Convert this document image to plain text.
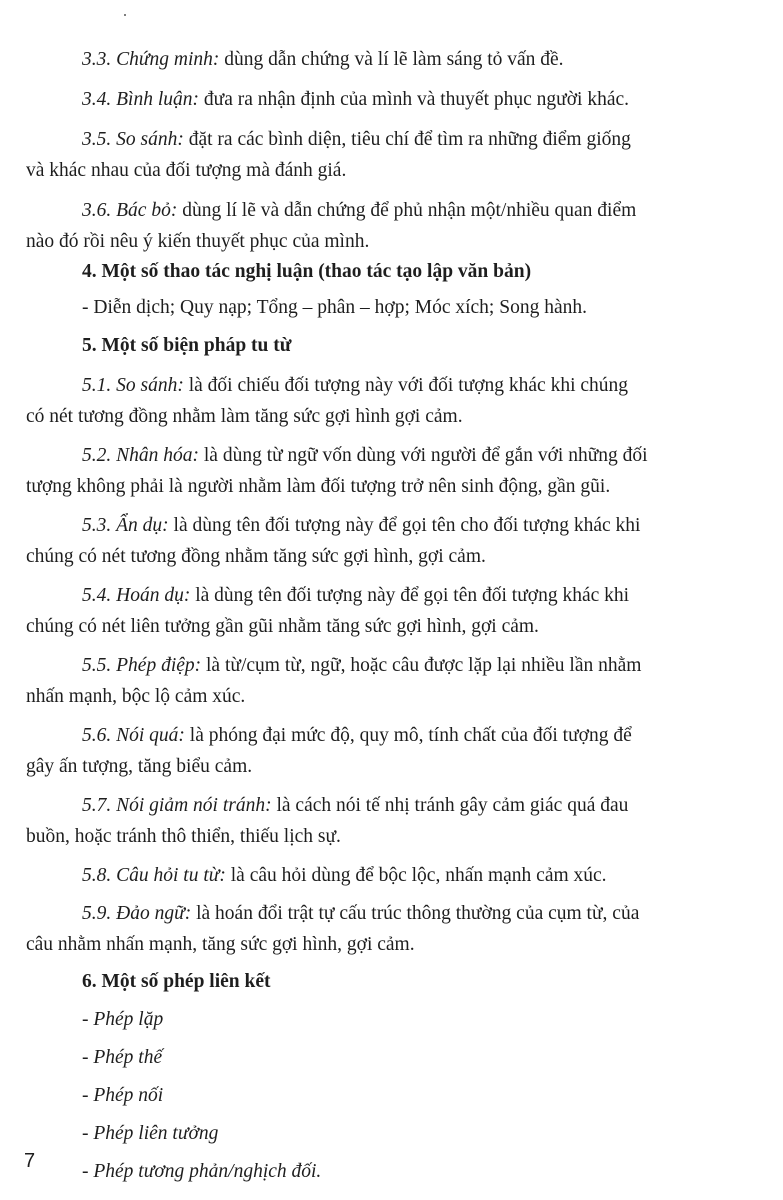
3.3. Chứng minh: dùng dẫn chứng và lí lẽ làm sáng tỏ vấn đề.

3.4. Bình luận: đưa ra nhận định của mình và thuyết phục người khác.

3.5. So sánh: đặt ra các bình diện, tiêu chí để tìm ra những điểm giống
và khác nhau của đối tượng mà đánh giá.

3.6. Bác bỏ: dùng lí lẽ và dẫn chứng để phủ nhận một/nhiều quan điểm
nào đó rồi nêu ý kiến thuyết phục của mình.

4. Một số thao tác nghị luận (thao tác tạo lập văn bản)

- Diễn dịch; Quy nạp; Tổng – phân – hợp; Móc xích; Song hành.

5. Một số biện pháp tu từ

5.1. So sánh: là đối chiếu đối tượng này với đối tượng khác khi chúng
có nét tương đồng nhằm làm tăng sức gợi hình gợi cảm.

5.2. Nhân hóa: là dùng từ ngữ vốn dùng với người để gắn với những đối
tượng không phải là người nhằm làm đối tượng trở nên sinh động, gần gũi.

5.3. Ẩn dụ: là dùng tên đối tượng này để gọi tên cho đối tượng khác khi
chúng có nét tương đồng nhằm tăng sức gợi hình, gợi cảm.

5.4. Hoán dụ: là dùng tên đối tượng này để gọi tên đối tượng khác khi
chúng có nét liên tưởng gần gũi nhằm tăng sức gợi hình, gợi cảm.

5.5. Phép điệp: là từ/cụm từ, ngữ, hoặc câu được lặp lại nhiều lần nhằm
nhấn mạnh, bộc lộ cảm xúc.

5.6. Nói quá: là phóng đại mức độ, quy mô, tính chất của đối tượng để
gây ấn tượng, tăng biểu cảm.

5.7. Nói giảm nói tránh: là cách nói tế nhị tránh gây cảm giác quá đau
buồn, hoặc tránh thô thiển, thiếu lịch sự.

5.8. Câu hỏi tu từ: là câu hỏi dùng để bộc lộc, nhấn mạnh cảm xúc.

5.9. Đảo ngữ: là hoán đổi trật tự cấu trúc thông thường của cụm từ, của
câu nhằm nhấn mạnh, tăng sức gợi hình, gợi cảm.

6. Một số phép liên kết

- Phép lặp

- Phép thế

- Phép nối

- Phép liên tưởng

- Phép tương phản/nghịch đối.

7
